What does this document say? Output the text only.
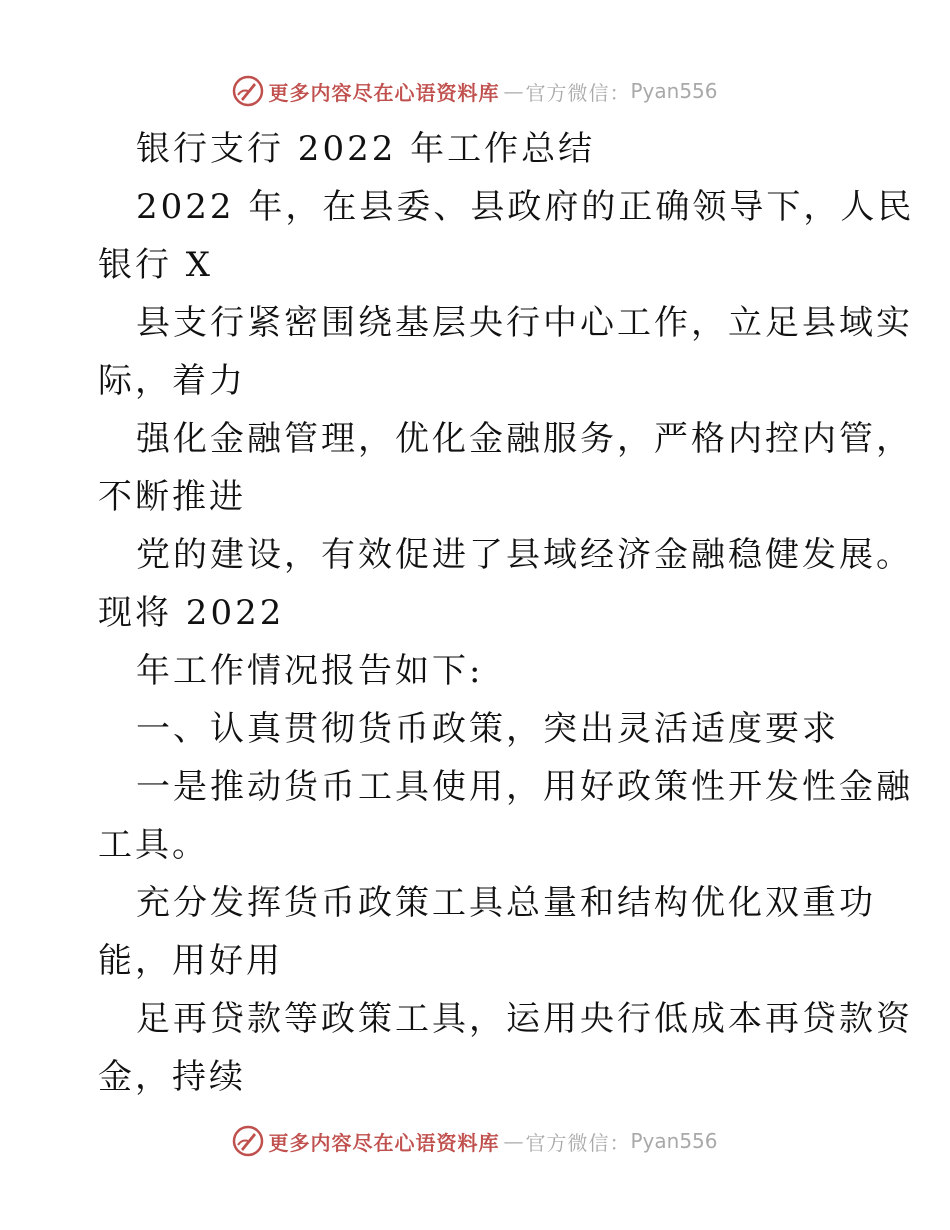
更多内容尽在心语资料库 — 官方微信： Pyan556
银行支行 2022 年工作总结
2022 年，在县委、县政府的正确领导下，人民
银行 X
县支行紧密围绕基层央行中心工作，立足县域实
际，着力
强化金融管理，优化金融服务，严格内控内管，
不断推进
党的建设，有效促进了县域经济金融稳健发展。
现将 2022
年工作情况报告如下:
一、认真贯彻货币政策，突出灵活适度要求
一是推动货币工具使用，用好政策性开发性金融
工具。
充分发挥货币政策工具总量和结构优化双重功
能，用好用
足再贷款等政策工具，运用央行低成本再贷款资
金，持续
更多内容尽在心语资料库 — 官方微信： Pyan556
